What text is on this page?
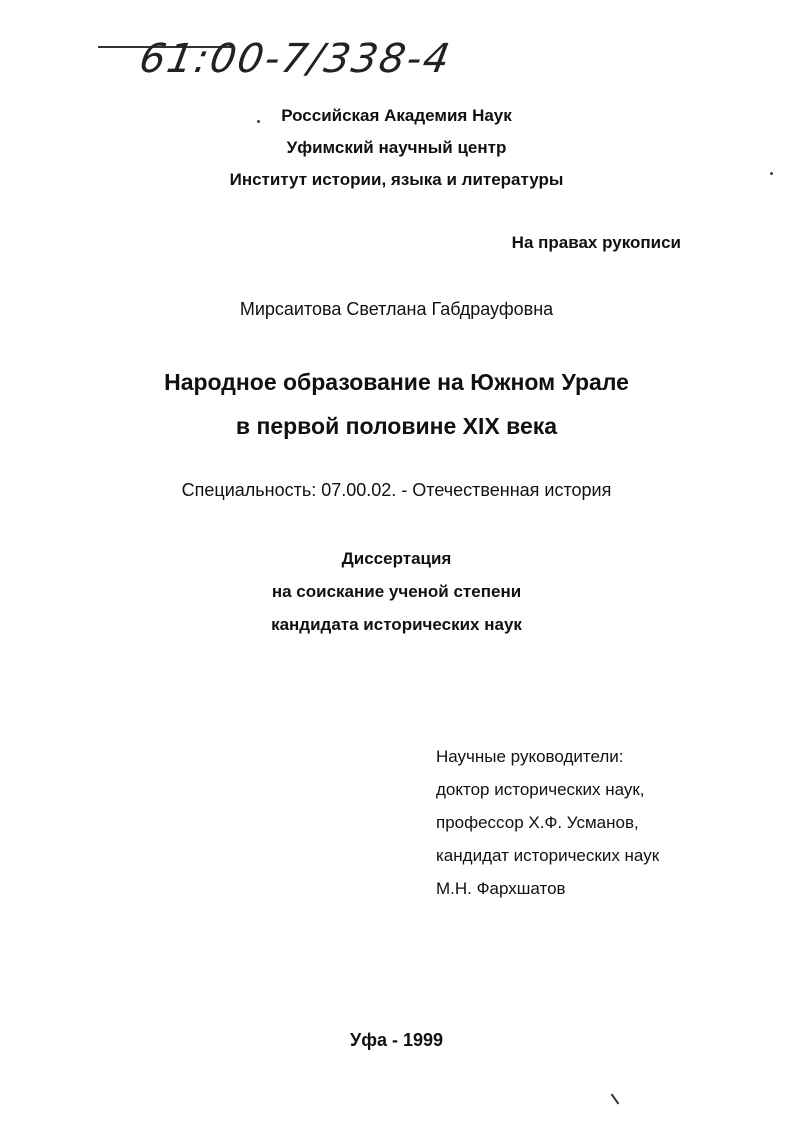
61:00-7/338-4
Российская Академия Наук
Уфимский научный центр
Институт истории, языка и литературы
На правах рукописи
Мирсаитова Светлана Габдрауфовна
Народное образование на Южном Урале
в первой половине XIX века
Специальность: 07.00.02. - Отечественная история
Диссертация
на соискание ученой степени
кандидата исторических наук
Научные руководители:
доктор исторических наук,
профессор Х.Ф. Усманов,
кандидат исторических наук
М.Н. Фархшатов
Уфа - 1999
